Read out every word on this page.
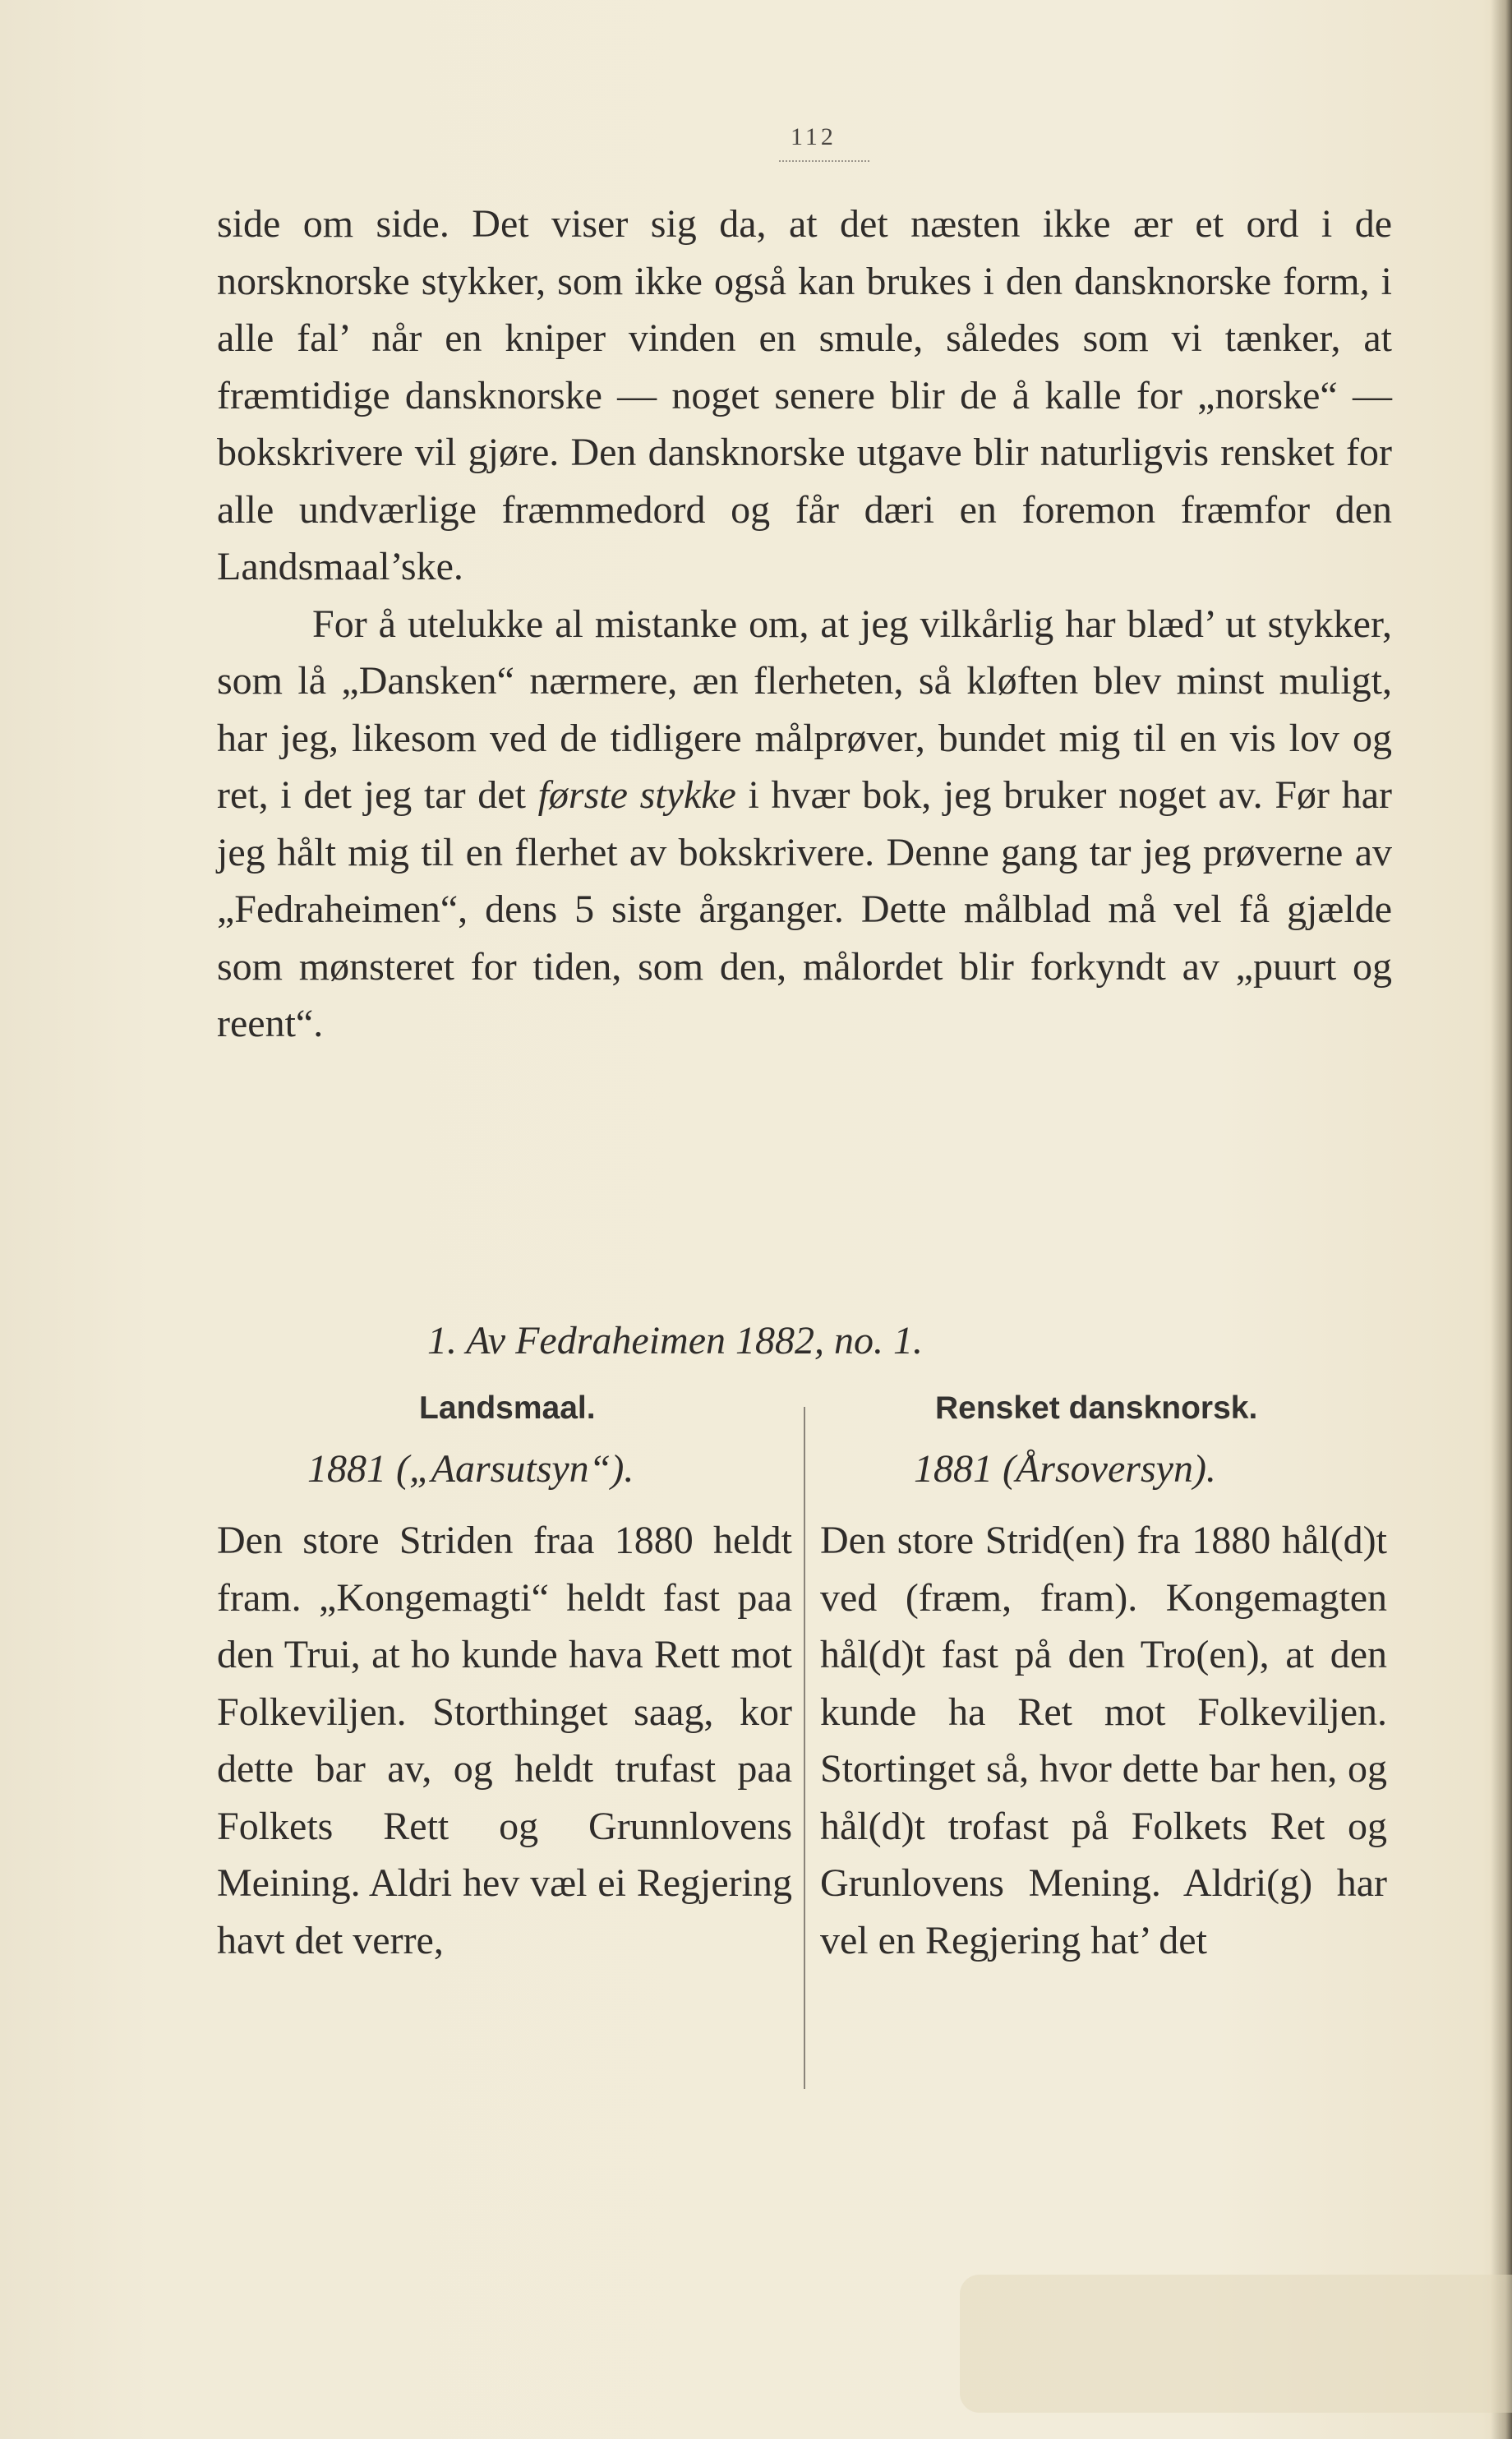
112

side om side. Det viser sig da, at det næsten ikke ær et ord i de norsknorske stykker, som ikke også kan brukes i den dansknorske form, i alle fal’ når en kniper vinden en smule, således som vi tænker, at fræmtidige dansknorske — noget senere blir de å kalle for „norske“ — bokskrivere vil gjøre. Den dansknorske utgave blir naturligvis rensket for alle undværlige fræmmedord og får dæri en foremon fræmfor den Landsmaal’ske.

For å utelukke al mistanke om, at jeg vilkårlig har blæd’ ut stykker, som lå „Dansken“ nærmere, æn flerheten, så kløften blev minst muligt, har jeg, likesom ved de tidligere målprøver, bundet mig til en vis lov og ret, i det jeg tar det første stykke i hvær bok, jeg bruker noget av. Før har jeg hålt mig til en flerhet av bokskrivere. Denne gang tar jeg prøverne av „Fedraheimen“, dens 5 siste årganger. Dette målblad må vel få gjælde som mønsteret for tiden, som den, målordet blir forkyndt av „puurt og reent“.

1. Av Fedraheimen 1882, no. 1.
Landsmaal.	Rensket dansknorsk.
1881 („Aarsutsyn“).	1881 (Årsoversyn).

Den store Striden fraa 1880 heldt fram. „Kongemagti“ heldt fast paa den Trui, at ho kunde hava Rett mot Folkeviljen. Storthinget saag, kor dette bar av, og heldt trufast paa Folkets Rett og Grunnlovens Meining. Aldri hev væl ei Regjering havt det verre,

Den store Strid(en) fra 1880 hål(d)t ved (fræm, fram). Kongemagten hål(d)t fast på den Tro(en), at den kunde ha Ret mot Folkeviljen. Stortinget så, hvor dette bar hen, og hål(d)t trofast på Folkets Ret og Grunlovens Mening. Aldri(g) har vel en Regjering hat’ det
